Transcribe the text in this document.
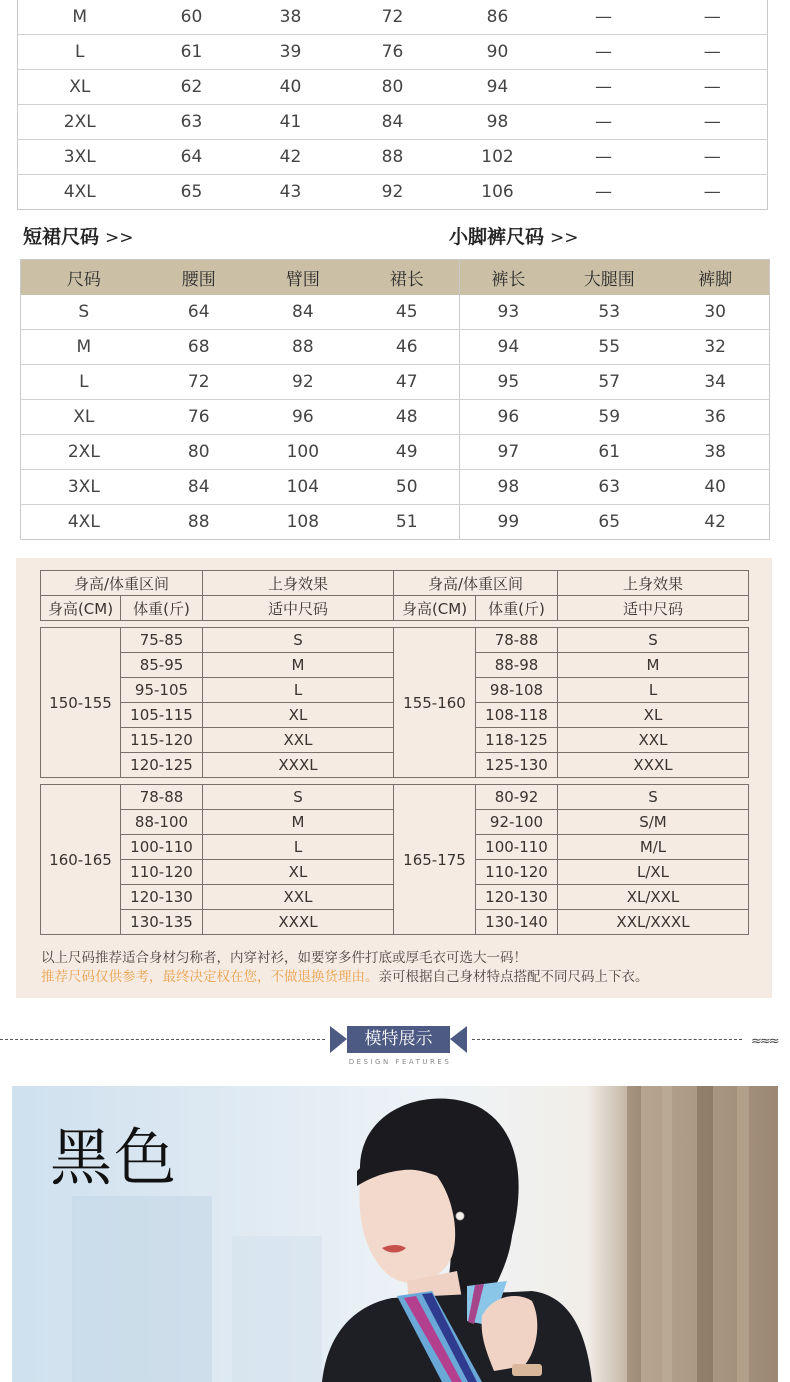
M	60	38	72	86	—	—
L	61	39	76	90	—	—
XL	62	40	80	94	—	—
2XL	63	41	84	98	—	—
3XL	64	42	88	102	—	—
4XL	65	43	92	106	—	—
短裙尺码 >>	小脚裤尺码 >>
尺码	腰围	臂围	裙长	裤长	大腿围	裤脚
S	64	84	45	93	53	30
M	68	88	46	94	55	32
L	72	92	47	95	57	34
XL	76	96	48	96	59	36
2XL	80	100	49	97	61	38
3XL	84	104	50	98	63	40
4XL	88	108	51	99	65	42
身高/体重区间		上身效果	身高/体重区间		上身效果
身高(CM)	体重(斤)	适中尺码	身高(CM)	体重(斤)	适中尺码

150-155	75-85	S	155-160	78-88	S
	85-95	M		88-98	M
	95-105	L		98-108	L
	105-115	XL		108-118	XL
	115-120	XXL		118-125	XXL
	120-125	XXXL		125-130	XXXL

160-165	78-88	S	165-175	80-92	S
	88-100	M		92-100	S/M
	100-110	L		100-110	M/L
	110-120	XL		110-120	L/XL
	120-130	XXL		120-130	XL/XXL
	130-135	XXXL		130-140	XXL/XXXL
以上尺码推荐适合身材匀称者，内穿衬衫，如要穿多件打底或厚毛衣可选大一码！
推荐尺码仅供参考，最终决定权在您，不做退换货理由。亲可根据自己身材特点搭配不同尺码上下衣。
模特展示
DESIGN FEATURES
≈≈≈
黑色
